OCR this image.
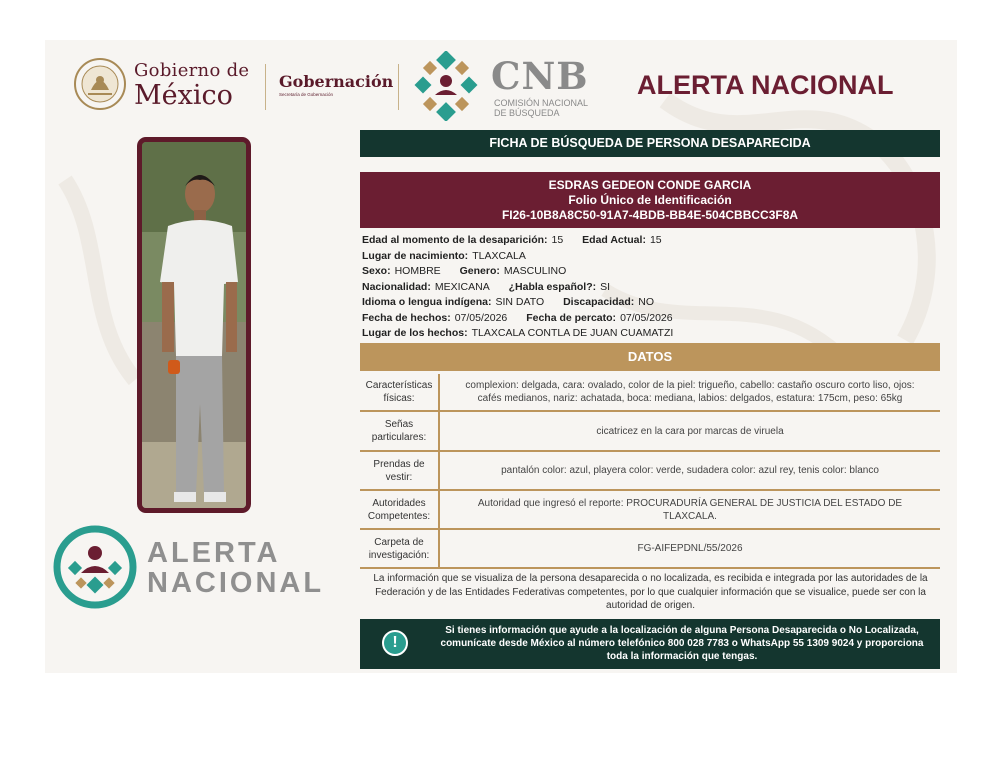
Gobierno de
México	Gobernación
Secretaría de Gobernación	CNB
COMISIÓN NACIONAL
DE BÚSQUEDA
ALERTA NACIONAL
ALERTA
NACIONAL
FICHA DE BÚSQUEDA DE PERSONA DESAPARECIDA
ESDRAS GEDEON CONDE GARCIA
Folio Único de Identificación
FI26-10B8A8C50-91A7-4BDB-BB4E-504CBBCC3F8A
Edad al momento de la desaparición: 15 Edad Actual: 15
Lugar de nacimiento: TLAXCALA
Sexo: HOMBRE Genero: MASCULINO
Nacionalidad: MEXICANA ¿Habla español?: SI
Idioma o lengua indígena: SIN DATO Discapacidad: NO
Fecha de hechos: 07/05/2026 Fecha de percato: 07/05/2026
Lugar de los hechos: TLAXCALA CONTLA DE JUAN CUAMATZI
DATOS
Características físicas:	complexion: delgada, cara: ovalado, color de la piel: trigueño, cabello: castaño oscuro corto liso, ojos: cafés medianos, nariz: achatada, boca: mediana, labios: delgados, estatura: 175cm, peso: 65kg
Señas particulares:	cicatricez en la cara por marcas de viruela
Prendas de vestir:	pantalón color: azul, playera color: verde, sudadera color: azul rey, tenis color: blanco
Autoridades Competentes:	Autoridad que ingresó el reporte: PROCURADURÍA GENERAL DE JUSTICIA DEL ESTADO DE TLAXCALA.
Carpeta de investigación:	FG-AIFEPDNL/55/2026
La información que se visualiza de la persona desaparecida o no localizada, es recibida e integrada por las autoridades de la Federación y de las Entidades Federativas competentes, por lo que cualquier información que se visualice, puede ser con la autoridad de origen.
!
Si tienes información que ayude a la localización de alguna Persona Desaparecida o No Localizada, comunícate desde México al número telefónico 800 028 7783 o WhatsApp 55 1309 9024 y proporciona toda la información que tengas.
